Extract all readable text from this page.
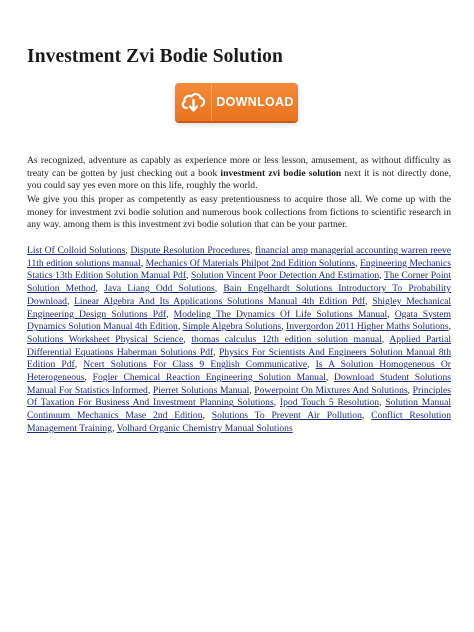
Investment Zvi Bodie Solution
DOWNLOAD

As recognized, adventure as capably as experience more or less lesson, amusement, as without difficulty as treaty can be gotten by just checking out a book investment zvi bodie solution next it is not directly done, you could say yes even more on this life, roughly the world.

We give you this proper as competently as easy pretentiousness to acquire those all. We come up with the money for investment zvi bodie solution and numerous book collections from fictions to scientific research in any way. among them is this investment zvi bodie solution that can be your partner.

List Of Colloid Solutions, Dispute Resolution Procedures, financial amp managerial accounting warren reeve 11th edition solutions manual, Mechanics Of Materials Philpot 2nd Edition Solutions, Engineering Mechanics Statics 13th Edition Solution Manual Pdf, Solution Vincent Poor Detection And Estimation, The Corner Point Solution Method, Java Liang Odd Solutions, Bain Engelhardt Solutions Introductory To Probability Download, Linear Algebra And Its Applications Solutions Manual 4th Edition Pdf, Shigley Mechanical Engineering Design Solutions Pdf, Modeling The Dynamics Of Life Solutions Manual, Ogata System Dynamics Solution Manual 4th Edition, Simple Algebra Solutions, Invergordon 2011 Higher Maths Solutions, Solutions Worksheet Physical Science, thomas calculus 12th edition solution manual, Applied Partial Differential Equations Haberman Solutions Pdf, Physics For Scientists And Engineers Solution Manual 8th Edition Pdf, Ncert Solutions For Class 9 English Communicative, Is A Solution Homogeneous Or Heterogeneous, Fogler Chemical Reaction Engineering Solution Manual, Download Student Solutions Manual For Statistics Informed, Pierret Solutions Manual, Powerpoint On Mixtures And Solutions, Principles Of Taxation For Business And Investment Planning Solutions, Ipod Touch 5 Resolution, Solution Manual Continuum Mechanics Mase 2nd Edition, Solutions To Prevent Air Pollution, Conflict Resolution Management Training, Volhard Organic Chemistry Manual Solutions
